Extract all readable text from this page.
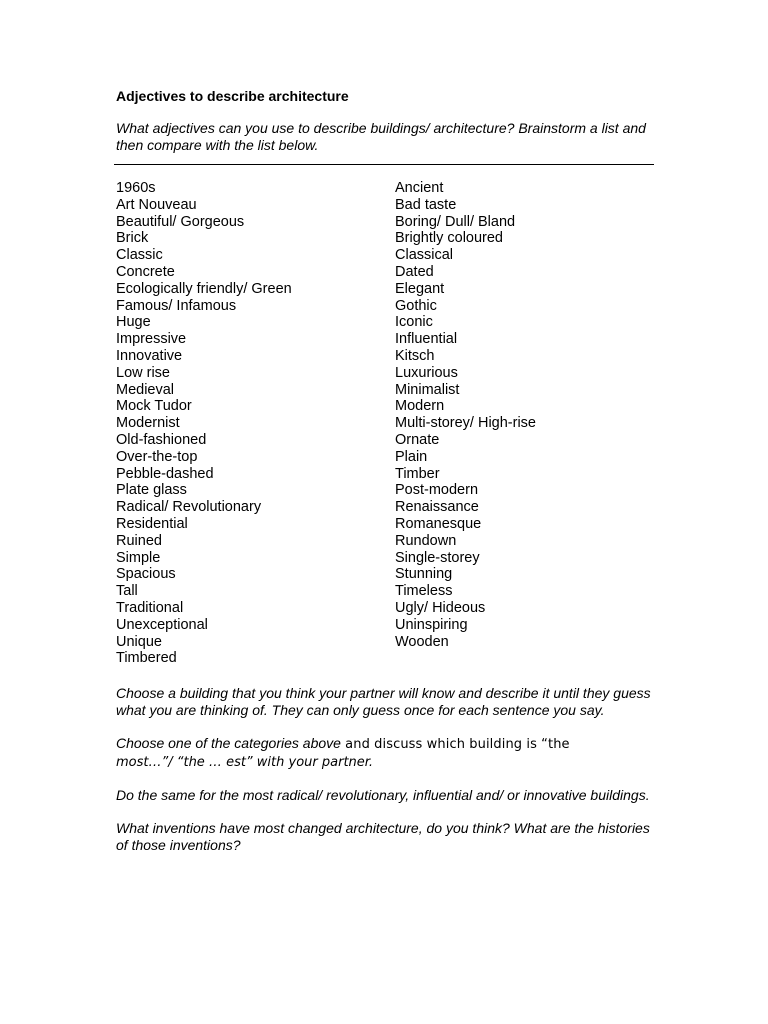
Adjectives to describe architecture

What adjectives can you use to describe buildings/ architecture? Brainstorm a list and then compare with the list below.

1960s
Art Nouveau
Beautiful/ Gorgeous
Brick
Classic
Concrete
Ecologically friendly/ Green
Famous/ Infamous
Huge
Impressive
Innovative
Low rise
Medieval
Mock Tudor
Modernist
Old-fashioned
Over-the-top
Pebble-dashed
Plate glass
Radical/ Revolutionary
Residential
Ruined
Simple
Spacious
Tall
Traditional
Unexceptional
Unique
Timbered
Ancient
Bad taste
Boring/ Dull/ Bland
Brightly coloured
Classical
Dated
Elegant
Gothic
Iconic
Influential
Kitsch
Luxurious
Minimalist
Modern
Multi-storey/ High-rise
Ornate
Plain
Timber
Post-modern
Renaissance
Romanesque
Rundown
Single-storey
Stunning
Timeless
Ugly/ Hideous
Uninspiring
Wooden

Choose a building that you think your partner will know and describe it until they guess what you are thinking of. They can only guess once for each sentence you say.

Choose one of the categories above and discuss which building is “the
most…”/ “the … est” with your partner.

Do the same for the most radical/ revolutionary, influential and/ or innovative buildings.

What inventions have most changed architecture, do you think? What are the histories of those inventions?
